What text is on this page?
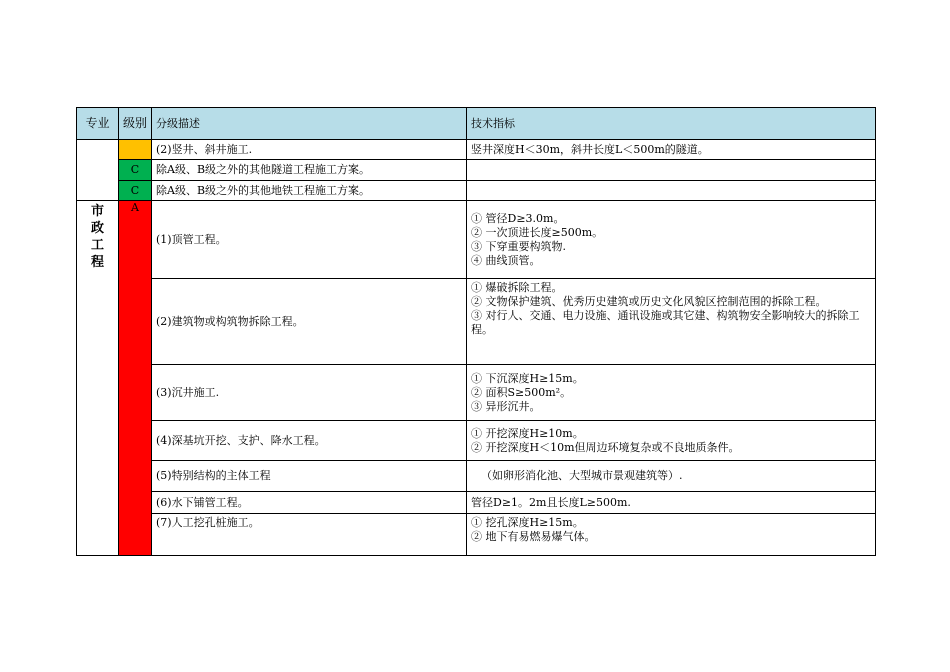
专业	级别	分级描述	技术指标
		(2)竖井、斜井施工.	竖井深度H＜30m，斜井长度L＜500m的隧道。
	C	除A级、B级之外的其他隧道工程施工方案。	
	C	除A级、B级之外的其他地铁工程施工方案。	

市政工程	A	(1)顶管工程。	① 管径D≥3.0m。
② 一次顶进长度≥500m。
③ 下穿重要构筑物.
④ 曲线顶管。

		(2)建筑物或构筑物拆除工程。	① 爆破拆除工程。
② 文物保护建筑、优秀历史建筑或历史文化风貌区控制范围的拆除工程。
③ 对行人、交通、电力设施、通讯设施或其它建、构筑物安全影响较大的拆除工程。

		(3)沉井施工.	① 下沉深度H≥15m。
② 面积S≥500m²。
③ 异形沉井。

		(4)深基坑开挖、支护、降水工程。	① 开挖深度H≥10m。
② 开挖深度H＜10m但周边环境复杂或不良地质条件。

		(5)特别结构的主体工程	（如卵形消化池、大型城市景观建筑等）.

		(6)水下铺管工程。	管径D≥1。2m且长度L≥500m.

		(7)人工挖孔桩施工。	① 挖孔深度H≥15m。
② 地下有易燃易爆气体。
